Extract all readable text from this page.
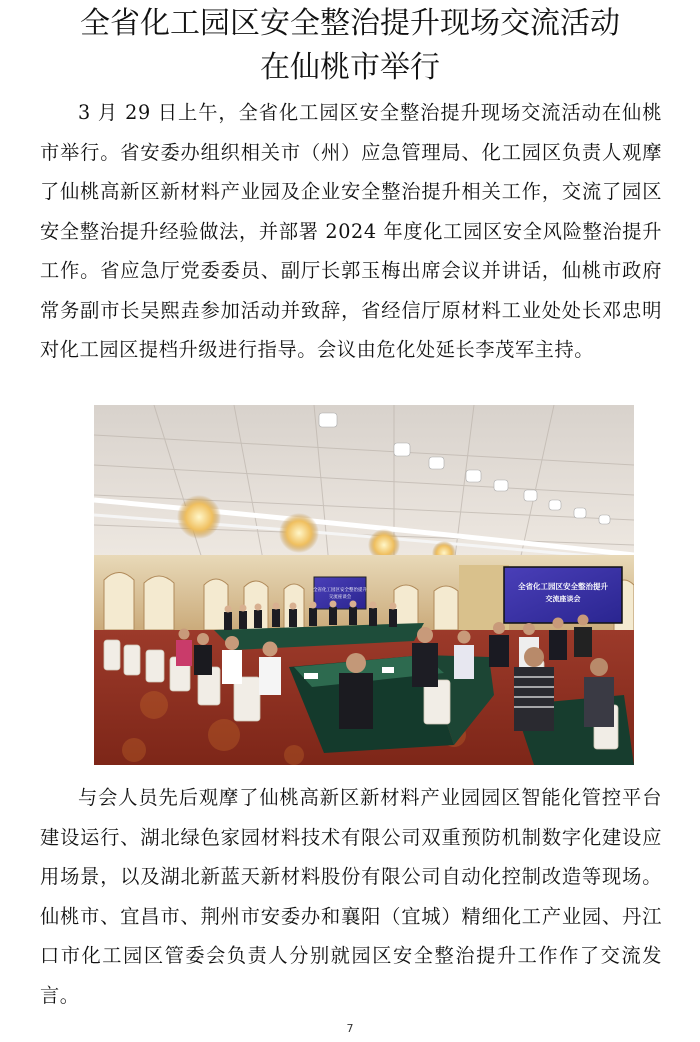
全省化工园区安全整治提升现场交流活动
在仙桃市举行

3 月 29 日上午，全省化工园区安全整治提升现场交流活动在仙桃市举行。省安委办组织相关市（州）应急管理局、化工园区负责人观摩了仙桃高新区新材料产业园及企业安全整治提升相关工作，交流了园区安全整治提升经验做法，并部署 2024 年度化工园区安全风险整治提升工作。省应急厅党委委员、副厅长郭玉梅出席会议并讲话，仙桃市政府常务副市长吴熙垚参加活动并致辞，省经信厅原材料工业处处长邓忠明对化工园区提档升级进行指导。会议由危化处延长李茂军主持。

全省化工园区安全整治提升
交流座谈会
全省化工园区安全整治提升
交流座谈会

与会人员先后观摩了仙桃高新区新材料产业园园区智能化管控平台建设运行、湖北绿色家园材料技术有限公司双重预防机制数字化建设应用场景，以及湖北新蓝天新材料股份有限公司自动化控制改造等现场。仙桃市、宜昌市、荆州市安委办和襄阳（宜城）精细化工产业园、丹江口市化工园区管委会负责人分别就园区安全整治提升工作作了交流发言。

7
